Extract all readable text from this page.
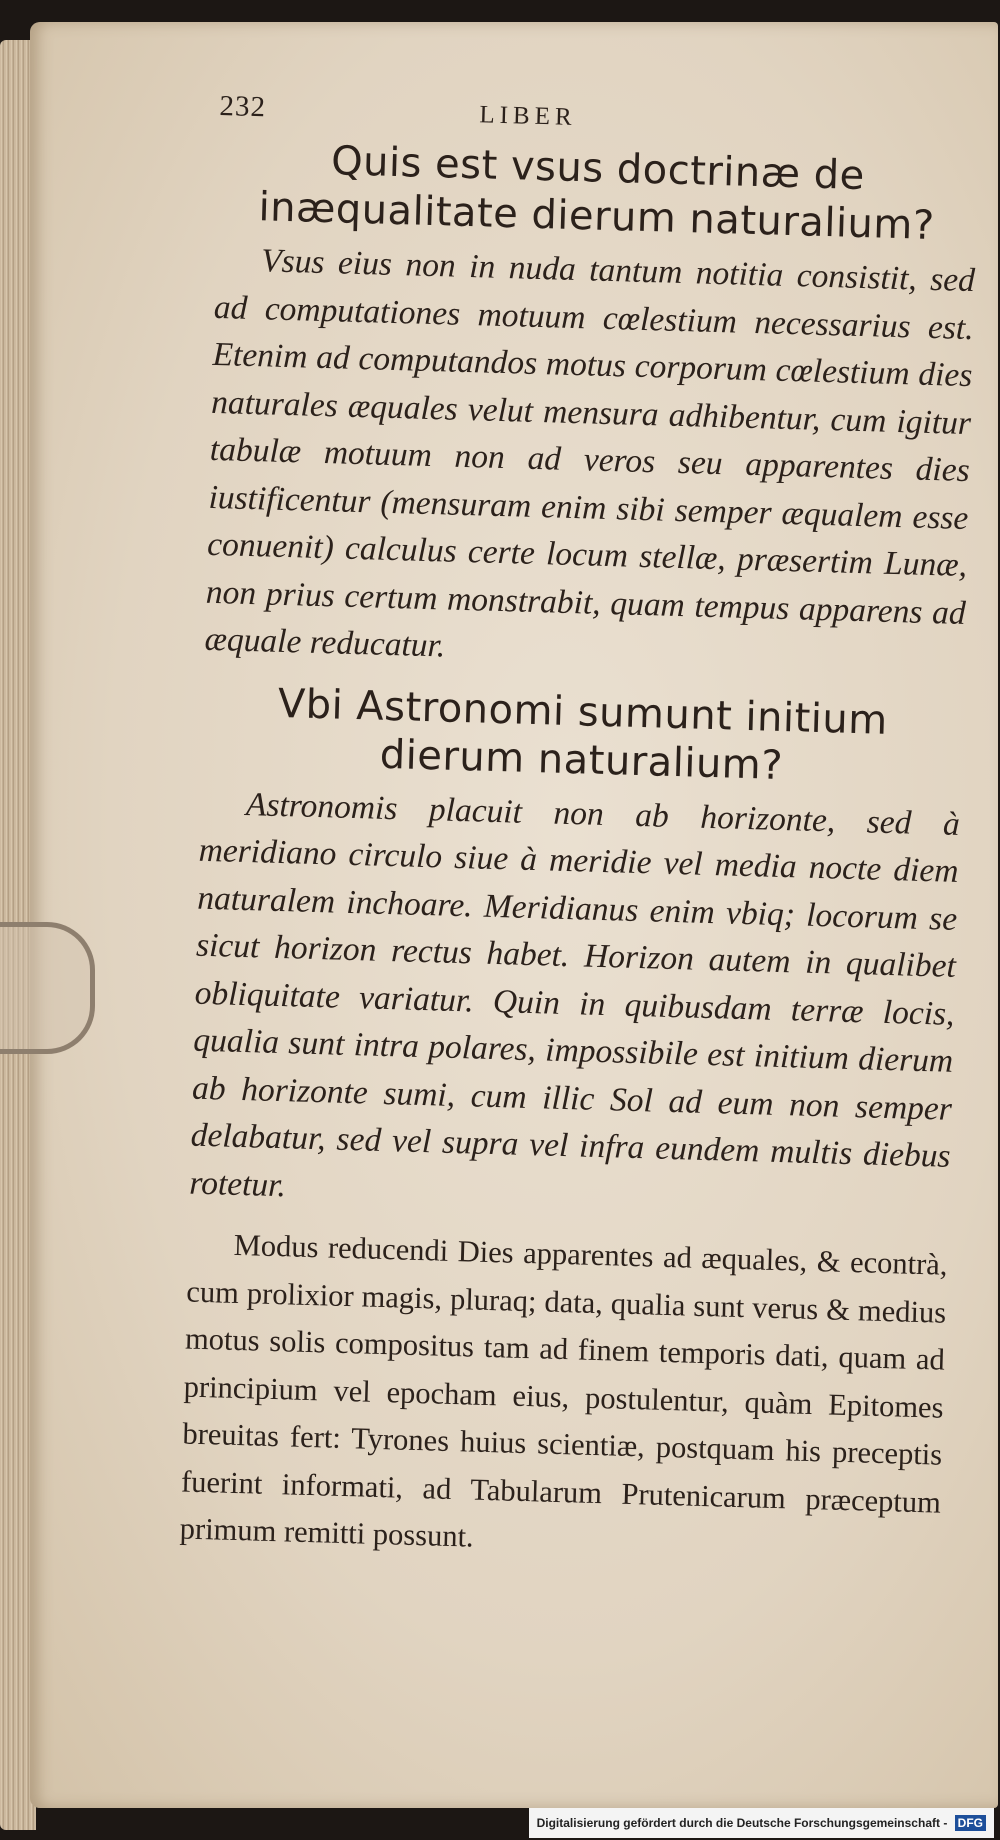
232	LIBER
Quis est vsus doctrinæ de inæqualitate dierum naturalium?

Vsus eius non in nuda tantum notitia consistit, sed ad computationes motuum cœlestium necessarius est. Etenim ad computandos motus corporum cœlestium dies naturales æquales velut mensura adhibentur, cum igitur tabulæ motuum non ad veros seu apparentes dies iustificentur (mensuram enim sibi semper æqualem esse conuenit) calculus certe locum stellæ, præsertim Lunæ, non prius certum monstrabit, quam tempus apparens ad æquale reducatur.

Vbi Astronomi sumunt initium dierum naturalium?

Astronomis placuit non ab horizonte, sed à meridiano circulo siue à meridie vel media nocte diem naturalem inchoare. Meridianus enim vbiq; locorum se sicut horizon rectus habet. Horizon autem in qualibet obliquitate variatur. Quin in quibusdam terræ locis, qualia sunt intra polares, impossibile est initium dierum ab horizonte sumi, cum illic Sol ad eum non semper delabatur, sed vel supra vel infra eundem multis diebus rotetur.

Modus reducendi Dies apparentes ad æquales, & econtrà, cum prolixior magis, pluraq; data, qualia sunt verus & medius motus solis compositus tam ad finem temporis dati, quam ad principium vel epocham eius, postulentur, quàm Epitomes breuitas fert: Tyrones huius scientiæ, postquam his preceptis fuerint informati, ad Tabularum Prutenicarum præceptum primum remitti possunt.

Digitalisierung gefördert durch die Deutsche Forschungsgemeinschaft - DFG
